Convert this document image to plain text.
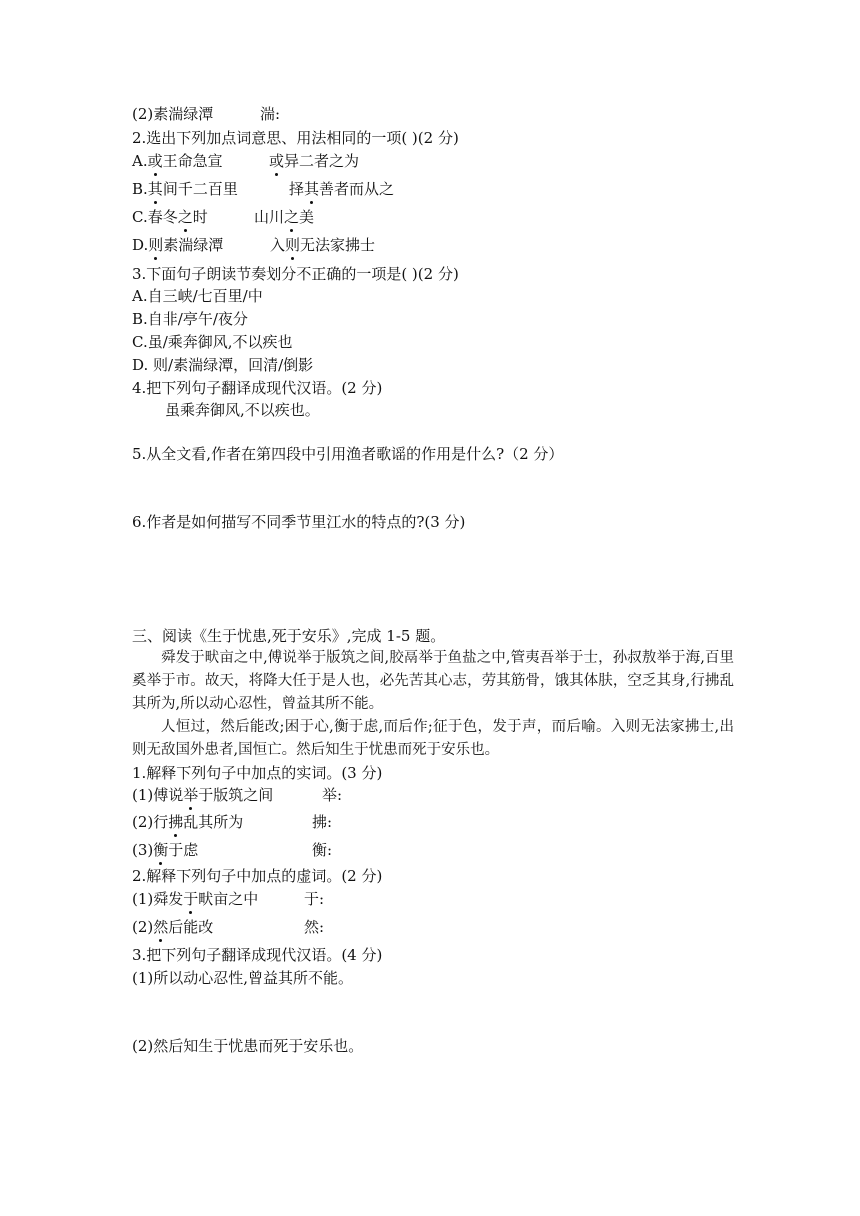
(2)素湍绿潭	湍:
2.选出下列加点词意思、用法相同的一项( )(2 分)
A.或王命急宣	或异二者之为
B.其间千二百里	择其善者而从之
C.春冬之时	山川之美
D.则素湍绿潭	入则无法家拂士
3.下面句子朗读节奏划分不正确的一项是( )(2 分)
A.自三峡/七百里/中
B.自非/亭午/夜分
C.虽/乘奔御风,不以疾也
D. 则/素湍绿潭，回清/倒影
4.把下列句子翻译成现代汉语。(2 分)
虽乘奔御风,不以疾也。
5.从全文看,作者在第四段中引用渔者歌谣的作用是什么?（2 分）
6.作者是如何描写不同季节里江水的特点的?(3 分)
三、阅读《生于忧患,死于安乐》,完成 1-5 题。
舜发于畎亩之中,傅说举于版筑之间,胶鬲举于鱼盐之中,管夷吾举于士，孙叔敖举于海,百里奚举于市。故天，将降大任于是人也，必先苦其心志，劳其筋骨，饿其体肤，空乏其身,行拂乱其所为,所以动心忍性，曾益其所不能。
人恒过，然后能改;困于心,衡于虑,而后作;征于色，发于声，而后喻。入则无法家拂士,出则无敌国外患者,国恒亡。然后知生于忧患而死于安乐也。
1.解释下列句子中加点的实词。(3 分)
(1)傅说举于版筑之间	举:
(2)行拂乱其所为	拂:
(3)衡于虑	衡:
2.解释下列句子中加点的虚词。(2 分)
(1)舜发于畎亩之中	于:
(2)然后能改	然:
3.把下列句子翻译成现代汉语。(4 分)
(1)所以动心忍性,曾益其所不能。
(2)然后知生于忧患而死于安乐也。
